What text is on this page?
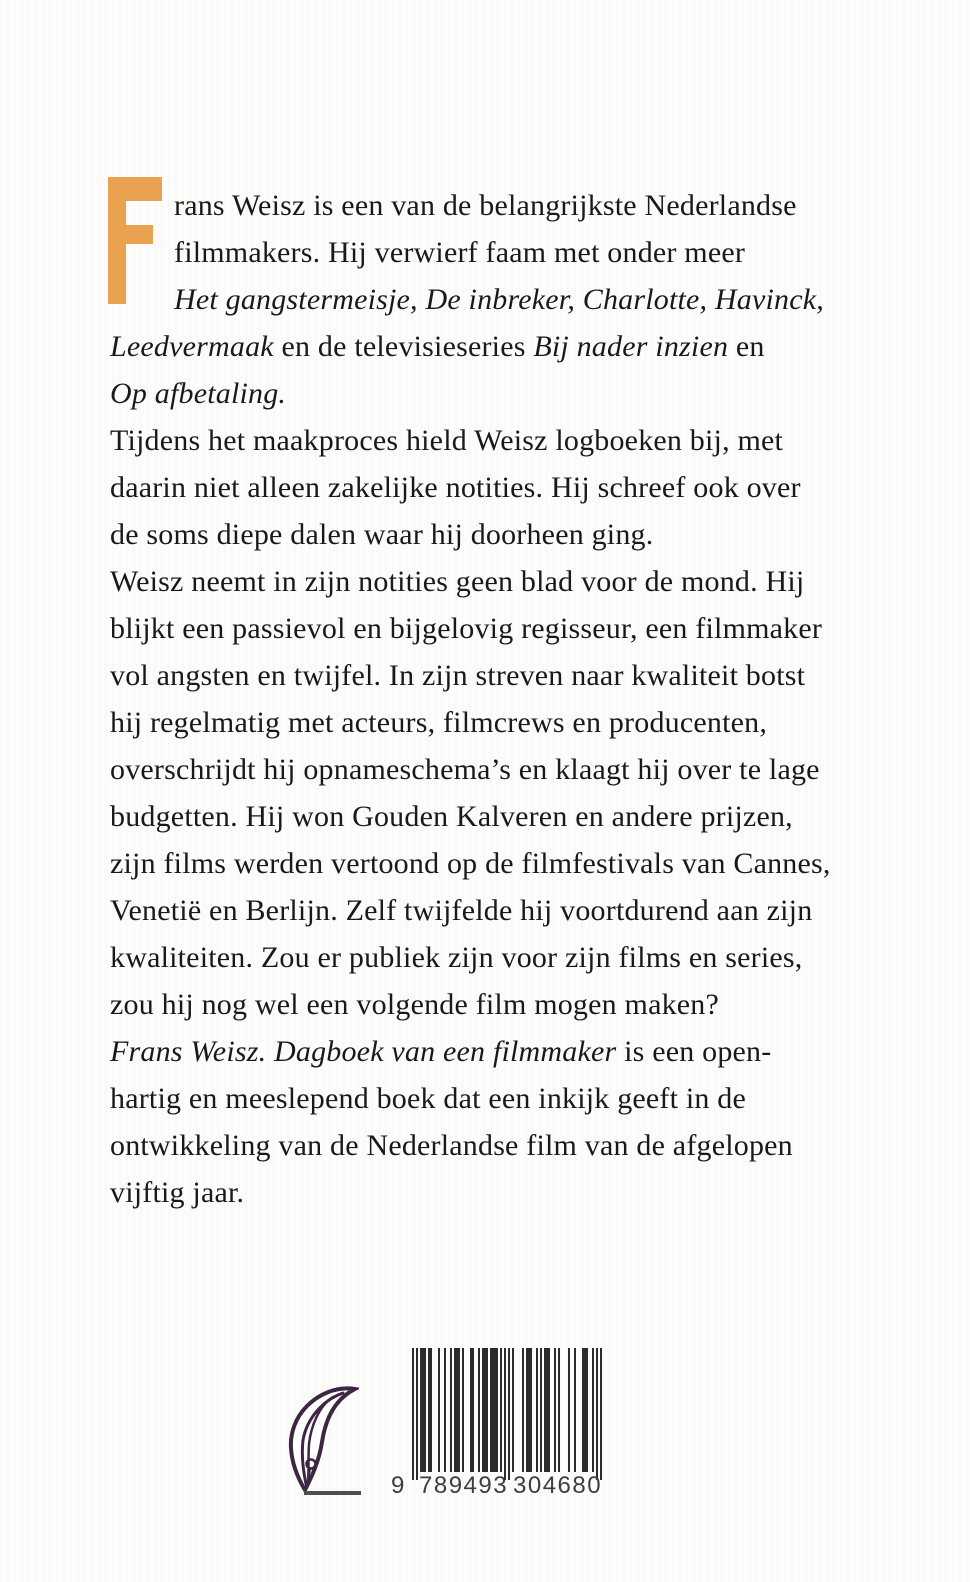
rans Weisz is een van de belangrijkste Nederlandse
filmmakers. Hij verwierf faam met onder meer
Het gangstermeisje, De inbreker, Charlotte, Havinck,
Leedvermaak en de televisieseries Bij nader inzien en
Op afbetaling.
Tijdens het maakproces hield Weisz logboeken bij, met
daarin niet alleen zakelijke notities. Hij schreef ook over
de soms diepe dalen waar hij doorheen ging.
Weisz neemt in zijn notities geen blad voor de mond. Hij
blijkt een passievol en bijgelovig regisseur, een filmmaker
vol angsten en twijfel. In zijn streven naar kwaliteit botst
hij regelmatig met acteurs, filmcrews en producenten,
overschrijdt hij opnameschema’s en klaagt hij over te lage
budgetten. Hij won Gouden Kalveren en andere prijzen,
zijn films werden vertoond op de filmfestivals van Cannes,
Venetië en Berlijn. Zelf twijfelde hij voortdurend aan zijn
kwaliteiten. Zou er publiek zijn voor zijn films en series,
zou hij nog wel een volgende film mogen maken?
Frans Weisz. Dagboek van een filmmaker is een open-
hartig en meeslepend boek dat een inkijk geeft in de
ontwikkeling van de Nederlandse film van de afgelopen
vijftig jaar.
9 789493 304680
